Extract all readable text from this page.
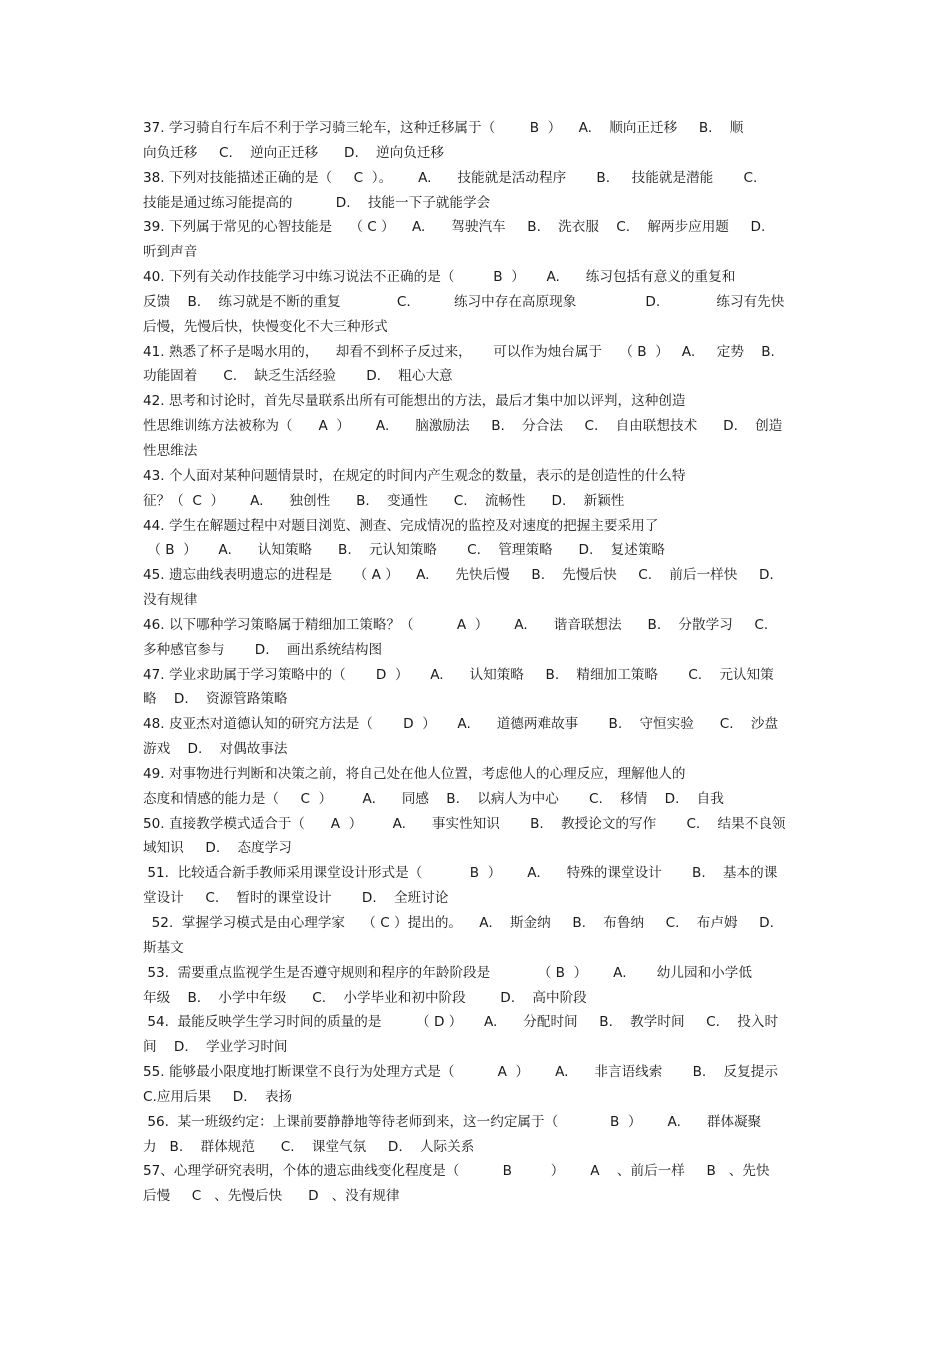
37. 学习骑自行车后不利于学习骑三轮车，这种迁移属于（        B  ）    A.    顺向正迁移     B.    顺
向负迁移     C.    逆向正迁移      D.    逆向负迁移
38. 下列对技能描述正确的是（     C  ）。      A.      技能就是活动程序       B.     技能就是潜能       C.
技能是通过练习能提高的          D.    技能一下子就能学会
39. 下列属于常见的心智技能是    （ C ）    A.      驾驶汽车     B.    洗衣服    C.    解两步应用题     D.
听到声音
40. 下列有关动作技能学习中练习说法不正确的是（         B  ）     A.      练习包括有意义的重复和
反馈    B.    练习就是不断的重复             C.          练习中存在高原现象                D.             练习有先快
后慢，先慢后快，快慢变化不大三种形式
41. 熟悉了杯子是喝水用的，    却看不到杯子反过来，     可以作为烛台属于    （ B  ）   A.     定势    B.
功能固着      C.    缺乏生活经验       D.    粗心大意
42. 思考和讨论时，首先尽量联系出所有可能想出的方法，最后才集中加以评判，这种创造
性思维训练方法被称为（      A  ）      A.      脑激励法     B.    分合法     C.    自由联想技术      D.    创造
性思维法
43. 个人面对某种问题情景时，在规定的时间内产生观念的数量，表示的是创造性的什么特
征？（  C  ）      A.      独创性      B.    变通性      C.    流畅性      D.    新颖性
44. 学生在解题过程中对题目浏览、测查、完成情况的监控及对速度的把握主要采用了
（ B  ）     A.      认知策略      B.    元认知策略       C.    管理策略      D.    复述策略
45. 遗忘曲线表明遗忘的进程是     （ A ）    A.      先快后慢     B.    先慢后快     C.    前后一样快     D.
没有规律
46. 以下哪种学习策略属于精细加工策略？（          A  ）      A.      谐音联想法      B.    分散学习     C.
多种感官参与       D.    画出系统结构图
47. 学业求助属于学习策略中的（       D  ）     A.      认知策略     B.    精细加工策略       C.    元认知策
略    D.    资源管路策略
48. 皮亚杰对道德认知的研究方法是（       D  ）     A.      道德两难故事       B.    守恒实验      C.    沙盘
游戏    D.    对偶故事法
49. 对事物进行判断和决策之前，将自己处在他人位置，考虑他人的心理反应，理解他人的
态度和情感的能力是（     C  ）       A.      同感    B.    以病人为中心       C.    移情    D.    自我
50. 直接教学模式适合于（      A  ）       A.      事实性知识       B.    教授论文的写作       C.    结果不良领
域知识     D.    态度学习
51.  比较适合新手教师采用课堂设计形式是（           B  ）      A.      特殊的课堂设计       B.    基本的课
堂设计     C.    暂时的课堂设计       D.    全班讨论
52.  掌握学习模式是由心理学家    （ C ）提出的。    A.    斯金纳     B.    布鲁纳     C.    布卢姆     D.
斯基文
53.  需要重点监视学生是否遵守规则和程序的年龄阶段是           （ B  ）      A.       幼儿园和小学低
年级    B.    小学中年级      C.    小学毕业和初中阶段        D.    高中阶段
54.  最能反映学生学习时间的质量的是        （ D ）     A.      分配时间     B.    教学时间     C.    投入时
间    D.    学业学习时间
55. 能够最小限度地打断课堂不良行为处理方式是（          A  ）      A.      非言语线索       B.    反复提示
C.应用后果     D.    表扬
56.  某一班级约定：上课前要静静地等待老师到来，这一约定属于（            B  ）      A.      群体凝聚
力   B.    群体规范      C.    课堂气氛     D.    人际关系
57、心理学研究表明，个体的遗忘曲线变化程度是（          B         ）      A    、前后一样     B   、先快
后慢     C   、先慢后快      D   、没有规律
